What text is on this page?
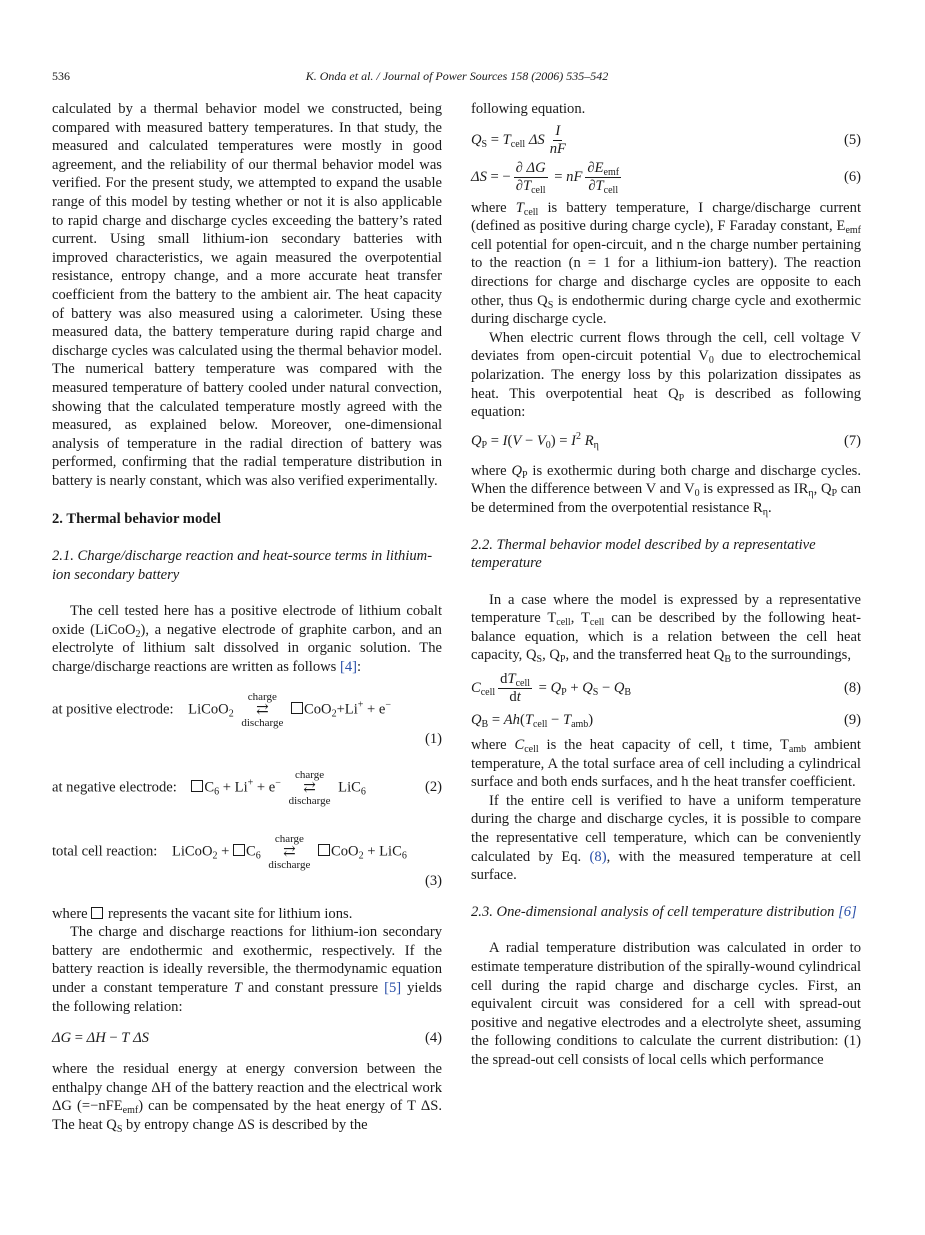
536	K. Onda et al. / Journal of Power Sources 158 (2006) 535–542

calculated by a thermal behavior model we constructed, being compared with measured battery temperatures. In that study, the measured and calculated temperatures were mostly in good agreement, and the reliability of our thermal behavior model was verified. For the present study, we attempted to expand the usable range of this model by testing whether or not it is also applicable to rapid charge and discharge cycles exceeding the battery’s rated current. Using small lithium-ion secondary batteries with improved characteristics, we again measured the overpotential resistance, entropy change, and a more accurate heat transfer coefficient from the battery to the ambient air. The heat capacity of battery was also measured using a calorimeter. Using these measured data, the battery temperature during rapid charge and discharge cycles was calculated using the thermal behavior model. The numerical battery temperature was compared with the measured temperature of battery cooled under natural convection, showing that the calculated temperature mostly agreed with the measured, as explained below. Moreover, one-dimensional analysis of temperature in the radial direction of battery was performed, confirming that the radial temperature distribution in battery is nearly constant, which was also verified experimentally.

2. Thermal behavior model
2.1. Charge/discharge reaction and heat-source terms in lithium-ion secondary battery

The cell tested here has a positive electrode of lithium cobalt oxide (LiCoO$_2$), a negative electrode of graphite carbon, and an electrolyte of lithium salt dissolved in organic solution. The charge/discharge reactions are written as follows [4]:

at positive electrode:    LiCoO$_2$
charge
⇄
discharge
CoO$_2$+Li+ + e−
(1)
at negative electrode: $C_6 + Li^+ + e^-$
charge
⇄
discharge
LiC$_6$	(2)
total cell reaction:    LiCoO$_2$ + $C_6$
charge
⇄
discharge
CoO$_2$ + LiC$_6$
(3)

where represents the vacant site for lithium ions.

The charge and discharge reactions for lithium-ion secondary battery are endothermic and exothermic, respectively. If the battery reaction is ideally reversible, the thermodynamic equation under a constant temperature T and constant pressure [5] yields the following relation:

ΔG = ΔH − T ΔS	(4)

where the residual energy at energy conversion between the enthalpy change ΔH of the battery reaction and the electrical work ΔG (=−nFE$_{emf}$) can be compensated by the heat energy of T ΔS. The heat $Q_S$ by entropy change ΔS is described by the

following equation.

$Q_S = T_{cell}$ ΔS $\frac{I}{nF}$	(5)
ΔS = − $\frac{\partial \Delta G}{\partial T_{cell}}$ = nF $\frac{\partial E_{emf}}{\partial T_{cell}}$	(6)

where $T_{cell}$ is battery temperature, I charge/discharge current (defined as positive during charge cycle), F Faraday constant, $E_{emf}$ cell potential for open-circuit, and n the charge number pertaining to the reaction (n = 1 for a lithium-ion battery). The reaction directions for charge and discharge cycles are opposite to each other, thus $Q_S$ is endothermic during charge cycle and exothermic during discharge cycle.

When electric current flows through the cell, cell voltage V deviates from open-circuit potential $V_0$ due to electrochemical polarization. The energy loss by this polarization dissipates as heat. This overpotential heat $Q_P$ is described as following equation:

$Q_P = I(V - V_0) = I^2$ $R_\eta$	(7)

where $Q_P$ is exothermic during both charge and discharge cycles. When the difference between V and $V_0$ is expressed as $IR_\eta$, $Q_P$ can be determined from the overpotential resistance $R_\eta$.

2.2. Thermal behavior model described by a representative temperature

In a case where the model is expressed by a representative temperature $T_{cell}$, $T_{cell}$ can be described by the following heat-balance equation, which is a relation between the cell heat capacity, $Q_S$, $Q_P$, and the transferred heat $Q_B$ to the surroundings,

$C_{cell} \frac{dT_{cell}}{dt} = Q_P + Q_S - Q_B$	(8)
$Q_B = Ah(T_{cell} - T_{amb})$	(9)

where $C_{cell}$ is the heat capacity of cell, t time, $T_{amb}$ ambient temperature, A the total surface area of cell including a cylindrical surface and both ends surfaces, and h the heat transfer coefficient.

If the entire cell is verified to have a uniform temperature during the charge and discharge cycles, it is possible to compare the representative cell temperature, which can be conveniently calculated by Eq. (8), with the measured temperature at cell surface.

2.3. One-dimensional analysis of cell temperature distribution [6]

A radial temperature distribution was calculated in order to estimate temperature distribution of the spirally-wound cylindrical cell during the rapid charge and discharge cycles. First, an equivalent circuit was considered for a cell with spread-out positive and negative electrodes and a electrolyte sheet, assuming the following conditions to calculate the current distribution: (1) the spread-out cell consists of local cells which performance
